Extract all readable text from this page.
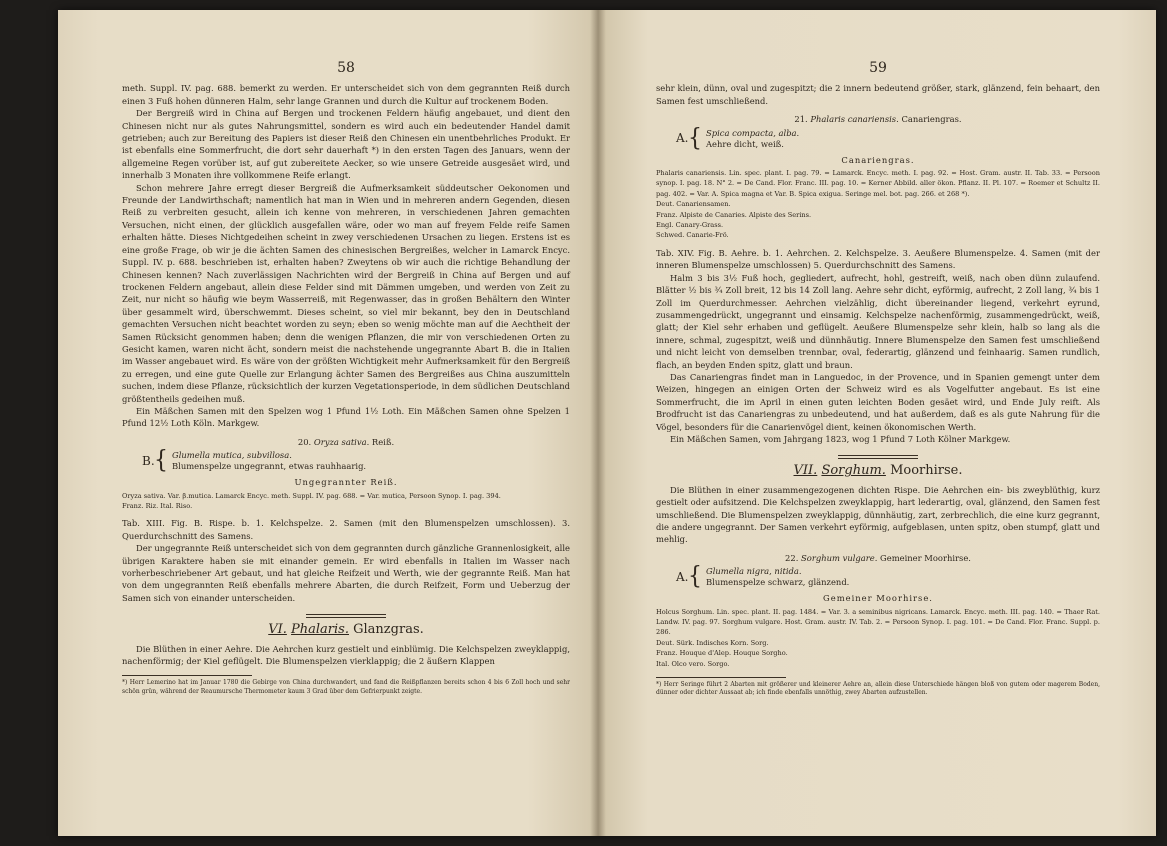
58

meth. Suppl. IV. pag. 688. bemerkt zu werden. Er unterscheidet sich von dem gegrannten Reiß durch einen 3 Fuß hohen dünneren Halm, sehr lange Grannen und durch die Kultur auf trockenem Boden.

Der Bergreiß wird in China auf Bergen und trockenen Feldern häufig angebauet, und dient den Chinesen nicht nur als gutes Nahrungsmittel, sondern es wird auch ein bedeutender Handel damit getrieben; auch zur Bereitung des Papiers ist dieser Reiß den Chinesen ein unentbehrliches Produkt. Er ist ebenfalls eine Sommerfrucht, die dort sehr dauerhaft *) in den ersten Tagen des Januars, wenn der allgemeine Regen vorüber ist, auf gut zubereitete Aecker, so wie unsere Getreide ausgesäet wird, und innerhalb 3 Monaten ihre vollkommene Reife erlangt.

Schon mehrere Jahre erregt dieser Bergreiß die Aufmerksamkeit süddeutscher Oekonomen und Freunde der Landwirthschaft; namentlich hat man in Wien und in mehreren andern Gegenden, diesen Reiß zu verbreiten gesucht, allein ich kenne von mehreren, in verschiedenen Jahren gemachten Versuchen, nicht einen, der glücklich ausgefallen wäre, oder wo man auf freyem Felde reife Samen erhalten hätte. Dieses Nichtgedeihen scheint in zwey verschiedenen Ursachen zu liegen. Erstens ist es eine große Frage, ob wir je die ächten Samen des chinesischen Bergreißes, welcher in Lamarck Encyc. Suppl. IV. p. 688. beschrieben ist, erhalten haben? Zweytens ob wir auch die richtige Behandlung der Chinesen kennen? Nach zuverlässigen Nachrichten wird der Bergreiß in China auf Bergen und auf trockenen Feldern angebaut, allein diese Felder sind mit Dämmen umgeben, und werden von Zeit zu Zeit, nur nicht so häufig wie beym Wasserreiß, mit Regenwasser, das in großen Behältern den Winter über gesammelt wird, überschwemmt. Dieses scheint, so viel mir bekannt, bey den in Deutschland gemachten Versuchen nicht beachtet worden zu seyn; eben so wenig möchte man auf die Aechtheit der Samen Rücksicht genommen haben; denn die wenigen Pflanzen, die mir von verschiedenen Orten zu Gesicht kamen, waren nicht ächt, sondern meist die nachstehende ungegrannte Abart B. die in Italien im Wasser angebauet wird. Es wäre von der größten Wichtigkeit mehr Aufmerksamkeit für den Bergreiß zu erregen, und eine gute Quelle zur Erlangung ächter Samen des Bergreißes aus China auszumitteln suchen, indem diese Pflanze, rücksichtlich der kurzen Vegetationsperiode, in dem südlichen Deutschland größtentheils gedeihen muß.

Ein Mäßchen Samen mit den Spelzen wog 1 Pfund 1½ Loth. Ein Mäßchen Samen ohne Spelzen 1 Pfund 12½ Loth Köln. Markgew.

20. Oryza sativa. Reiß.
B. { Glumella mutica, subvillosa.
Blumenspelze ungegrannt, etwas rauhhaarig.
Ungegrannter Reiß.

Oryza sativa. Var. β.mutica. Lamarck Encyc. meth. Suppl. IV. pag. 688. = Var. mutica, Persoon Synop. I. pag. 394.

Franz. Riz. Ital. Riso.

Tab. XIII. Fig. B. Rispe. b. 1. Kelchspelze. 2. Samen (mit den Blumenspelzen umschlossen). 3. Querdurchschnitt des Samens.

Der ungegrannte Reiß unterscheidet sich von dem gegrannten durch gänzliche Grannenlosigkeit, alle übrigen Karaktere haben sie mit einander gemein. Er wird ebenfalls in Italien im Wasser nach vorherbeschriebener Art gebaut, und hat gleiche Reifzeit und Werth, wie der gegrannte Reiß. Man hat von dem ungegrannten Reiß ebenfalls mehrere Abarten, die durch Reifzeit, Form und Ueberzug der Samen sich von einander unterscheiden.

VI. Phalaris. Glanzgras.

Die Blüthen in einer Aehre. Die Aehrchen kurz gestielt und einblümig. Die Kelchspelzen zweyklappig, nachenförmig; der Kiel geflügelt. Die Blumenspelzen vierklappig; die 2 äußern Klappen

*) Herr Lemerino hat im Januar 1780 die Gebirge von China durchwandert, und fand die Reißpflanzen bereits schon 4 bis 6 Zoll hoch und sehr schön grün, während der Reaumursche Thermometer kaum 3 Grad über dem Gefrierpunkt zeigte.

59

sehr klein, dünn, oval und zugespitzt; die 2 innern bedeutend größer, stark, glänzend, fein behaart, den Samen fest umschließend.

21. Phalaris canariensis. Canariengras.
A. { Spica compacta, alba.
Aehre dicht, weiß.
Canariengras.

Phalaris canariensis. Lin. spec. plant. I. pag. 79. = Lamarck. Encyc. meth. I. pag. 92. = Host. Gram. austr. II. Tab. 33. = Persoon synop. I. pag. 18. N° 2. = De Cand. Flor. Franc. III. pag. 10. = Kerner Abbild. aller ökon. Pflanz. II. Pl. 107. = Roemer et Schultz II. pag. 402. = Var. A. Spica magna et Var. B. Spica exigua. Seringe mel. bot. pag. 266. et 268 *).

Deut. Canariensamen.
Franz. Alpiste de Canaries. Alpiste des Serins.
Engl. Canary-Grass.
Schwed. Canarie-Frö.

Tab. XIV. Fig. B. Aehre. b. 1. Aehrchen. 2. Kelchspelze. 3. Aeußere Blumenspelze. 4. Samen (mit der inneren Blumenspelze umschlossen) 5. Querdurchschnitt des Samens.

Halm 3 bis 3½ Fuß hoch, gegliedert, aufrecht, hohl, gestreift, weiß, nach oben dünn zulaufend. Blätter ½ bis ¾ Zoll breit, 12 bis 14 Zoll lang. Aehre sehr dicht, eyförmig, aufrecht, 2 Zoll lang, ¾ bis 1 Zoll im Querdurchmesser. Aehrchen vielzählig, dicht übereinander liegend, verkehrt eyrund, zusammengedrückt, ungegrannt und einsamig. Kelchspelze nachenförmig, zusammengedrückt, weiß, glatt; der Kiel sehr erhaben und geflügelt. Aeußere Blumenspelze sehr klein, halb so lang als die innere, schmal, zugespitzt, weiß und dünnhäutig. Innere Blumenspelze den Samen fest umschließend und nicht leicht von demselben trennbar, oval, federartig, glänzend und feinhaarig. Samen rundlich, flach, an beyden Enden spitz, glatt und braun.

Das Canariengras findet man in Languedoc, in der Provence, und in Spanien gemengt unter dem Weizen, hingegen an einigen Orten der Schweiz wird es als Vogelfutter angebaut. Es ist eine Sommerfrucht, die im April in einen guten leichten Boden gesäet wird, und Ende July reift. Als Brodfrucht ist das Canariengras zu unbedeutend, und hat außerdem, daß es als gute Nahrung für die Vögel, besonders für die Canarienvögel dient, keinen ökonomischen Werth.

Ein Mäßchen Samen, vom Jahrgang 1823, wog 1 Pfund 7 Loth Kölner Markgew.

VII. Sorghum. Moorhirse.

Die Blüthen in einer zusammengezogenen dichten Rispe. Die Aehrchen ein- bis zweyblüthig, kurz gestielt oder aufsitzend. Die Kelchspelzen zweyklappig, hart lederartig, oval, glänzend, den Samen fest umschließend. Die Blumenspelzen zweyklappig, dünnhäutig, zart, zerbrechlich, die eine kurz gegrannt, die andere ungegrannt. Der Samen verkehrt eyförmig, aufgeblasen, unten spitz, oben stumpf, glatt und mehlig.

22. Sorghum vulgare. Gemeiner Moorhirse.
A. { Glumella nigra, nitida.
Blumenspelze schwarz, glänzend.
Gemeiner Moorhirse.

Holcus Sorghum. Lin. spec. plant. II. pag. 1484. = Var. 3. a seminibus nigricans. Lamarck. Encyc. meth. III. pag. 140. = Thaer Rat. Landw. IV. pag. 97. Sorghum vulgare. Host. Gram. austr. IV. Tab. 2. = Persoon Synop. I. pag. 101. = De Cand. Flor. Franc. Suppl. p. 286.

Deut. Sürk. Indisches Korn. Sorg.
Franz. Houque d'Alep. Houque Sorgho.
Ital. Olco vero. Sorgo.

*) Herr Seringe führt 2 Abarten mit größerer und kleinerer Aehre an, allein diese Unterschiede hängen bloß von gutem oder magerem Boden, dünner oder dichter Aussaat ab; ich finde ebenfalls unnöthig, zwey Abarten aufzustellen.
